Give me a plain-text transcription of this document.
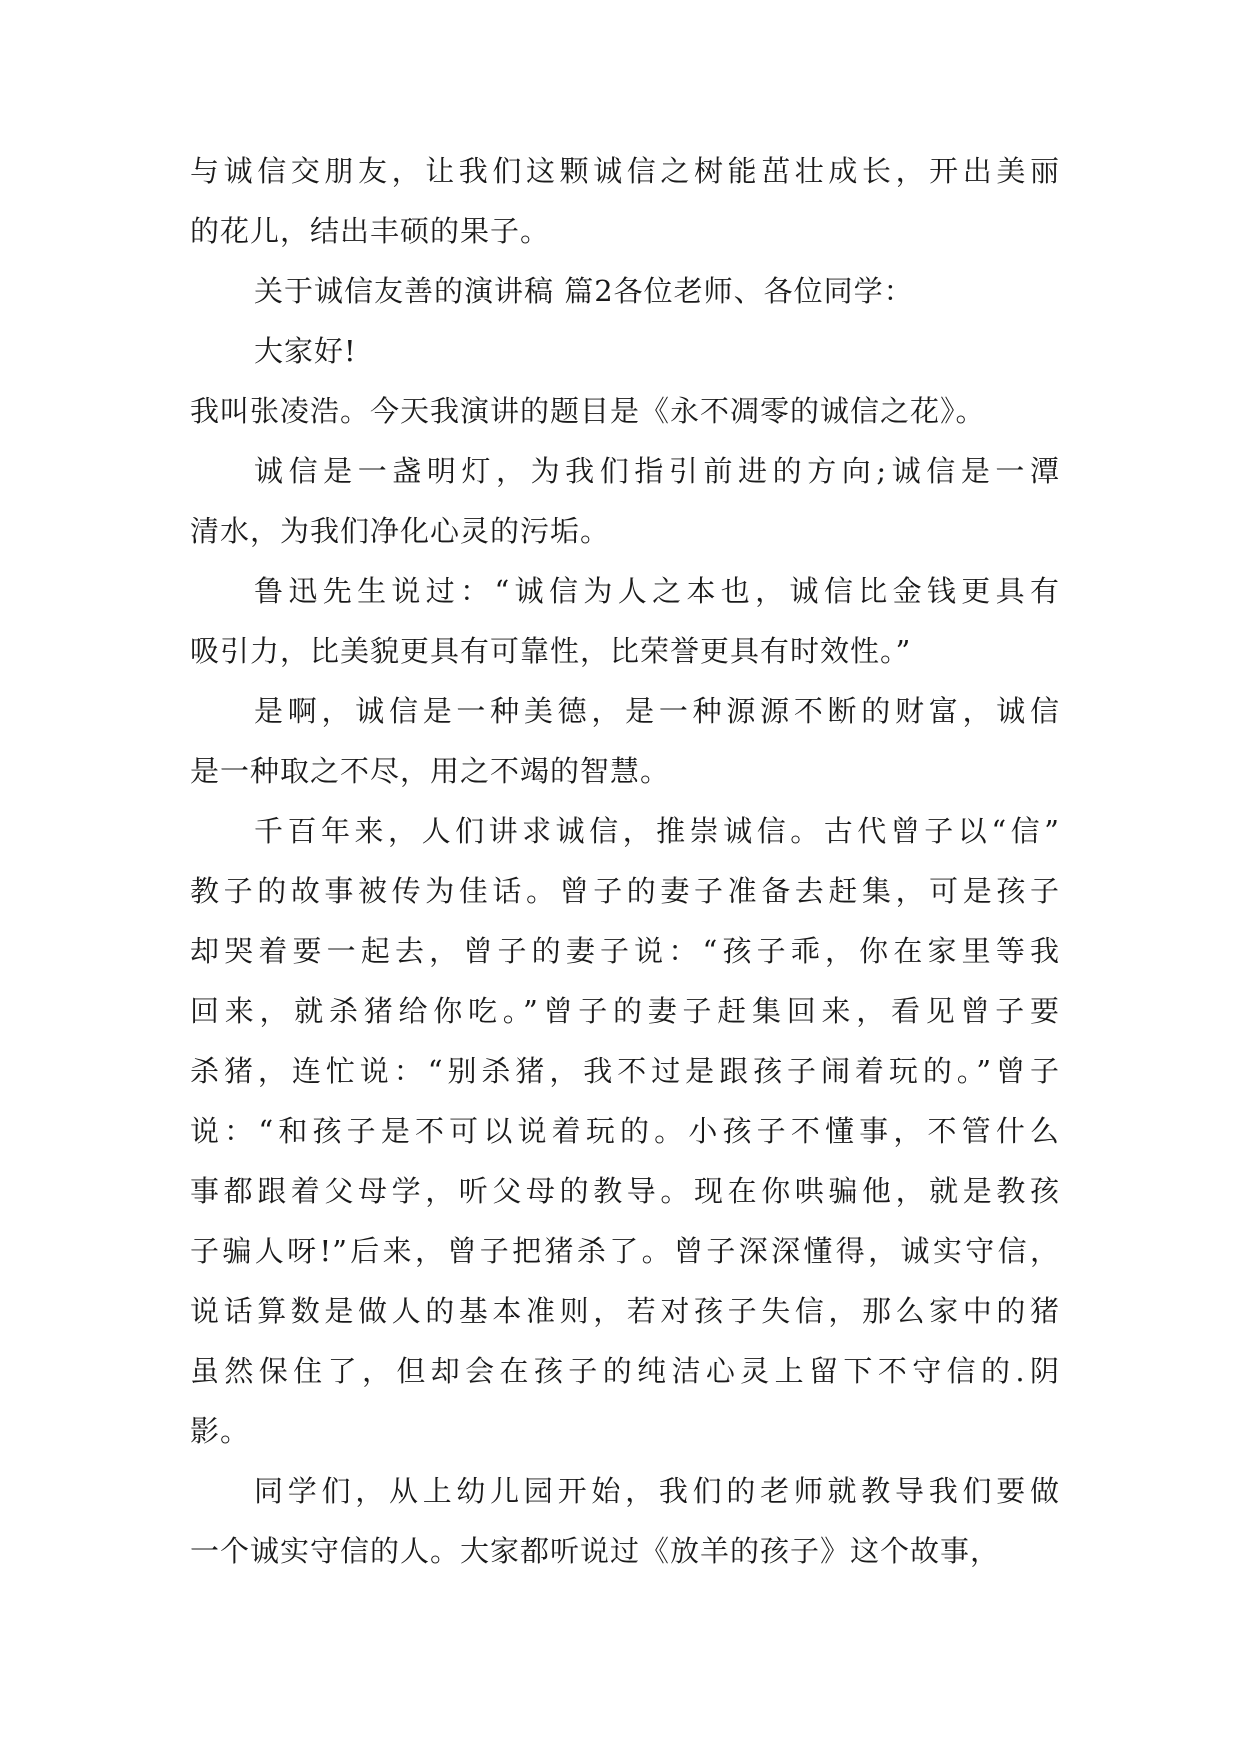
与诚信交朋友，让我们这颗诚信之树能茁壮成长，开出美丽
的花儿，结出丰硕的果子。
关于诚信友善的演讲稿 篇2各位老师、各位同学：
大家好!
我叫张凌浩。今天我演讲的题目是《永不凋零的诚信之花》。
诚信是一盏明灯，为我们指引前进的方向;诚信是一潭
清水，为我们净化心灵的污垢。
鲁迅先生说过：“诚信为人之本也，诚信比金钱更具有
吸引力，比美貌更具有可靠性，比荣誉更具有时效性。”
是啊，诚信是一种美德，是一种源源不断的财富，诚信
是一种取之不尽，用之不竭的智慧。
千百年来，人们讲求诚信，推崇诚信。古代曾子以“信”
教子的故事被传为佳话。曾子的妻子准备去赶集，可是孩子
却哭着要一起去，曾子的妻子说：“孩子乖，你在家里等我
回来，就杀猪给你吃。”曾子的妻子赶集回来，看见曾子要
杀猪，连忙说：“别杀猪，我不过是跟孩子闹着玩的。”曾子
说：“和孩子是不可以说着玩的。小孩子不懂事，不管什么
事都跟着父母学，听父母的教导。现在你哄骗他，就是教孩
子骗人呀!”后来，曾子把猪杀了。曾子深深懂得，诚实守信，
说话算数是做人的基本准则，若对孩子失信，那么家中的猪
虽然保住了，但却会在孩子的纯洁心灵上留下不守信的.阴
影。
同学们，从上幼儿园开始，我们的老师就教导我们要做
一个诚实守信的人。大家都听说过《放羊的孩子》这个故事，
